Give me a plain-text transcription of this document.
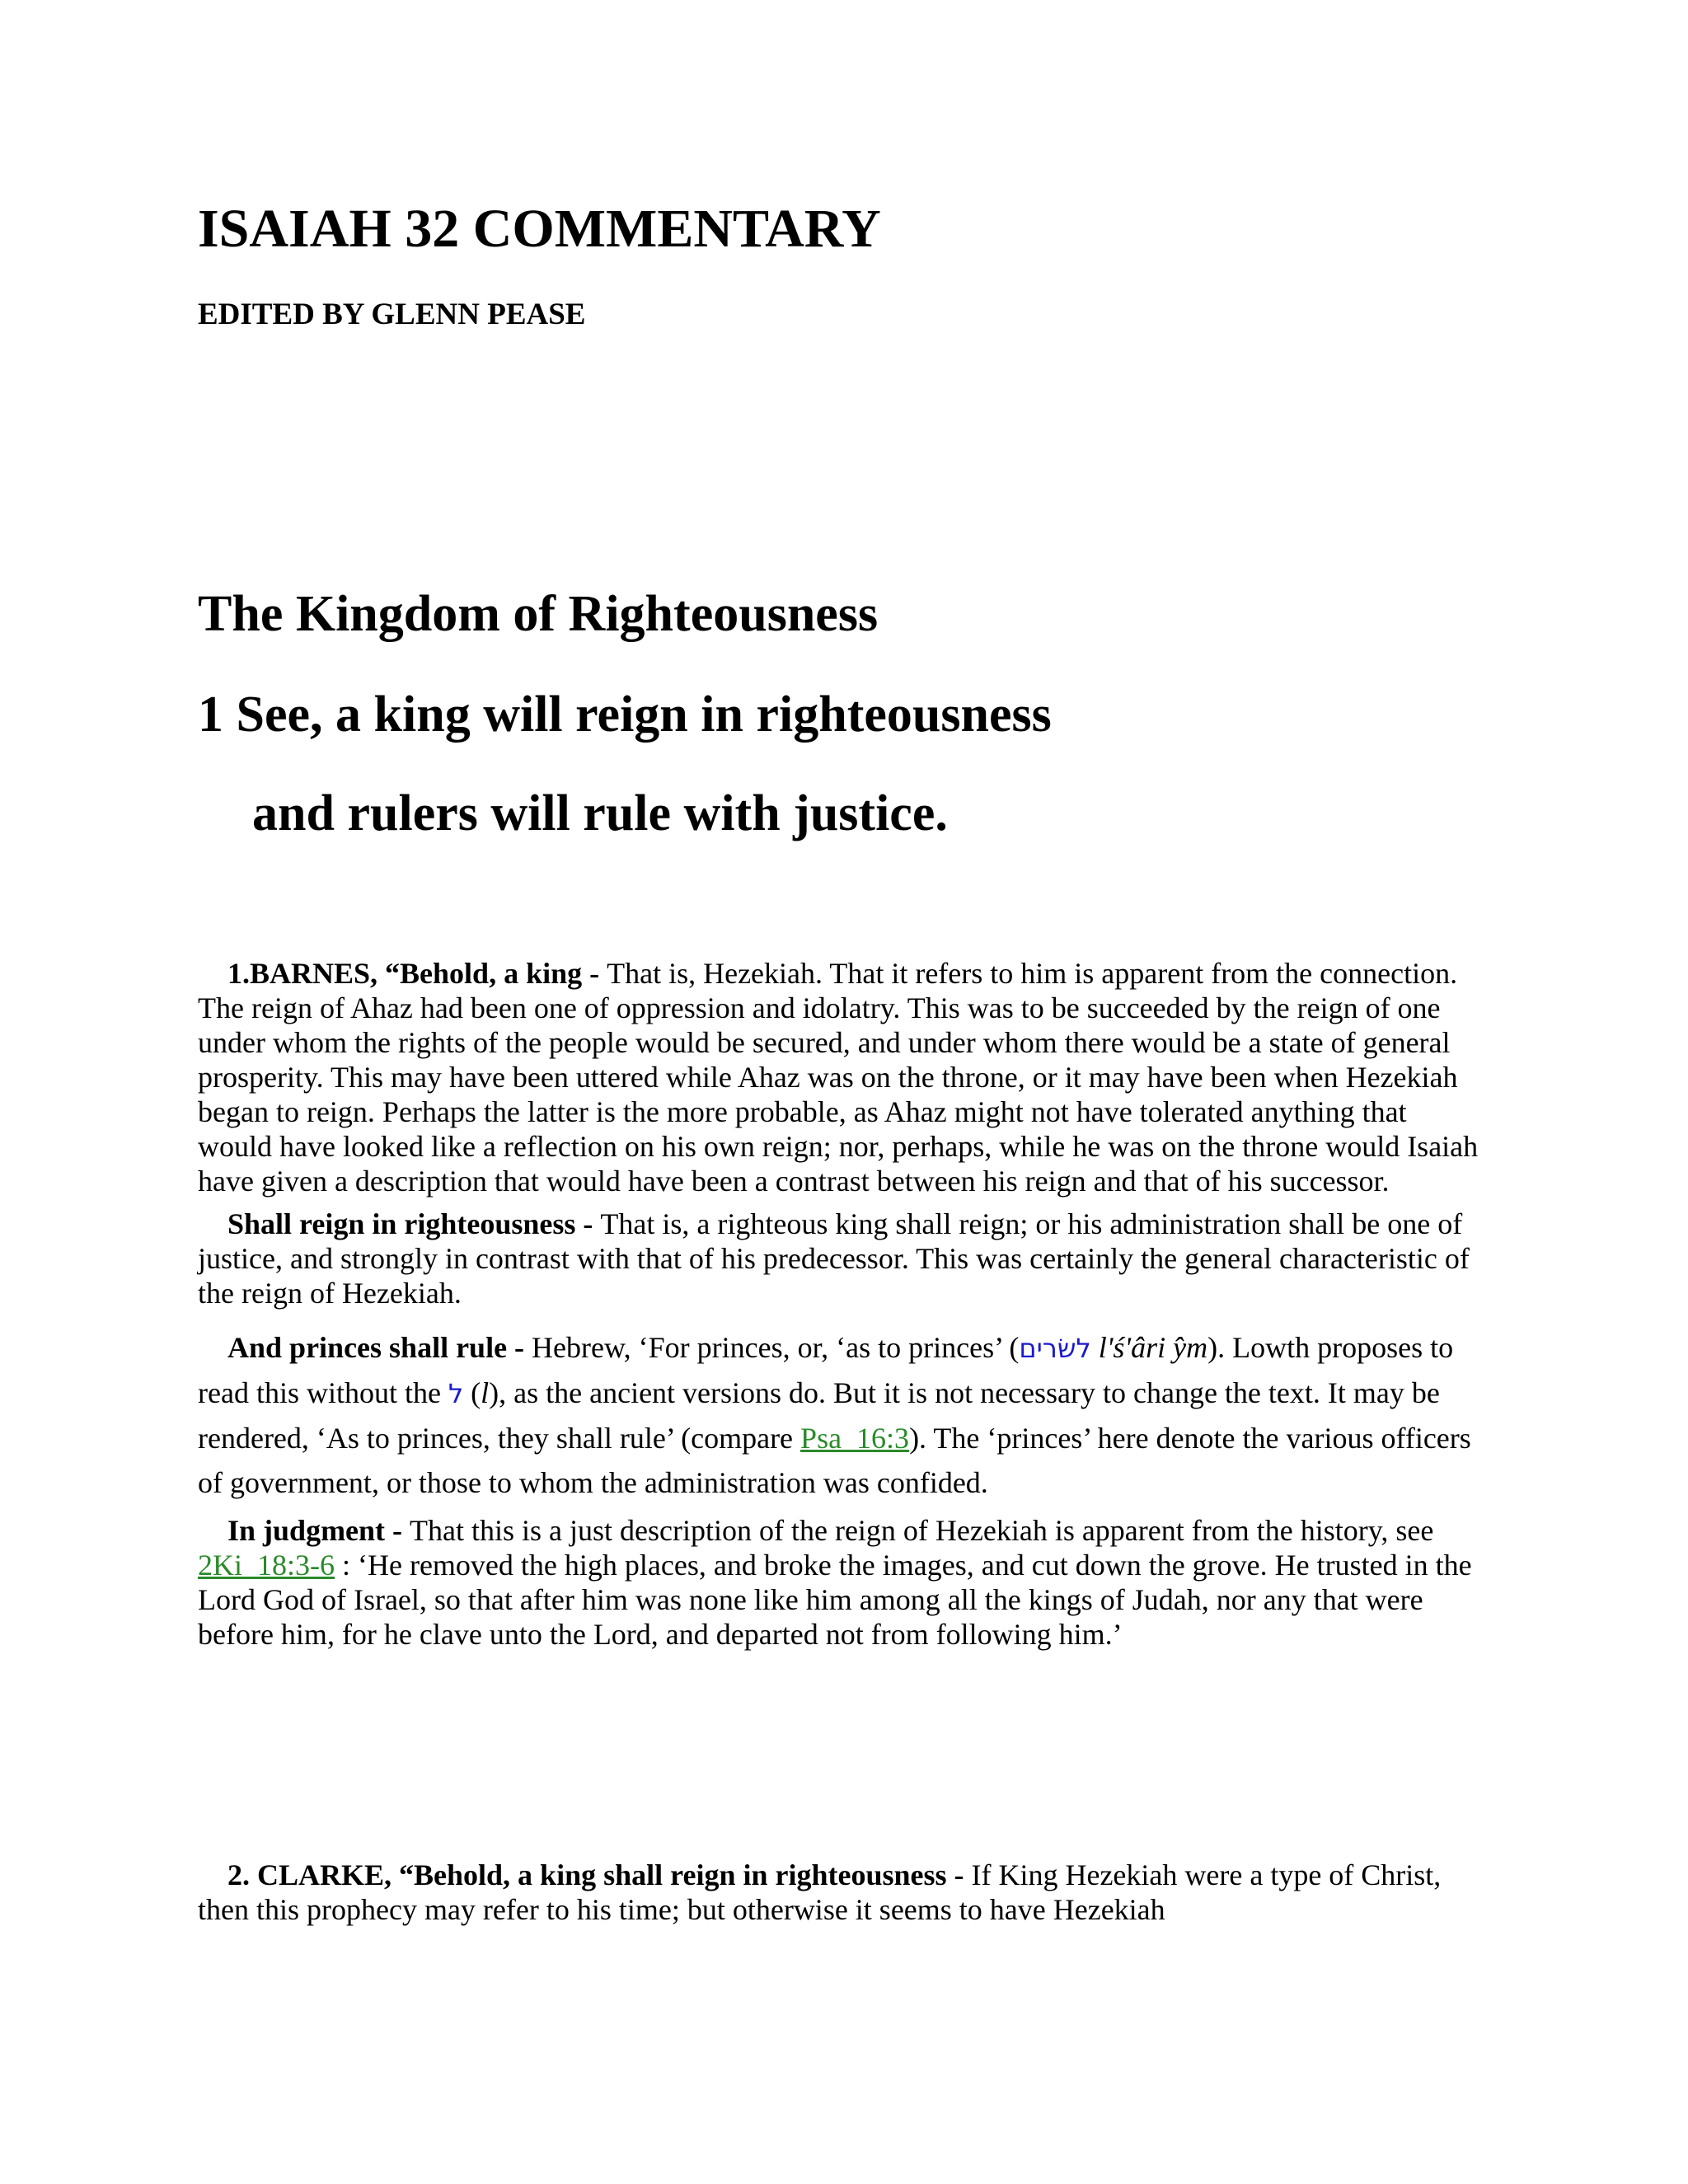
ISAIAH 32 COMMENTARY
EDITED BY GLENN PEASE
The Kingdom of Righteousness
1 See, a king will reign in righteousness
and rulers will rule with justice.

1.BARNES, “Behold, a king - That is, Hezekiah. That it refers to him is apparent from the connection. The reign of Ahaz had been one of oppression and idolatry. This was to be succeeded by the reign of one under whom the rights of the people would be secured, and under whom there would be a state of general prosperity. This may have been uttered while Ahaz was on the throne, or it may have been when Hezekiah began to reign. Perhaps the latter is the more probable, as Ahaz might not have tolerated anything that would have looked like a reflection on his own reign; nor, perhaps, while he was on the throne would Isaiah have given a description that would have been a contrast between his reign and that of his successor.

Shall reign in righteousness - That is, a righteous king shall reign; or his administration shall be one of justice, and strongly in contrast with that of his predecessor. This was certainly the general characteristic of the reign of Hezekiah.

And princes shall rule - Hebrew, ‘For princes, or, ‘as to princes’ (לשׂרים l'ś'âri ̂ym). Lowth proposes to read this without the ל (l), as the ancient versions do. But it is not necessary to change the text. It may be rendered, ‘As to princes, they shall rule’ (compare Psa_16:3). The ‘princes’ here denote the various officers of government, or those to whom the administration was confided.

In judgment - That this is a just description of the reign of Hezekiah is apparent from the history, see 2Ki_18:3-6 : ‘He removed the high places, and broke the images, and cut down the grove. He trusted in the Lord God of Israel, so that after him was none like him among all the kings of Judah, nor any that were before him, for he clave unto the Lord, and departed not from following him.’

2. CLARKE, “Behold, a king shall reign in righteousness - If King Hezekiah were a type of Christ, then this prophecy may refer to his time; but otherwise it seems to have Hezekiah
